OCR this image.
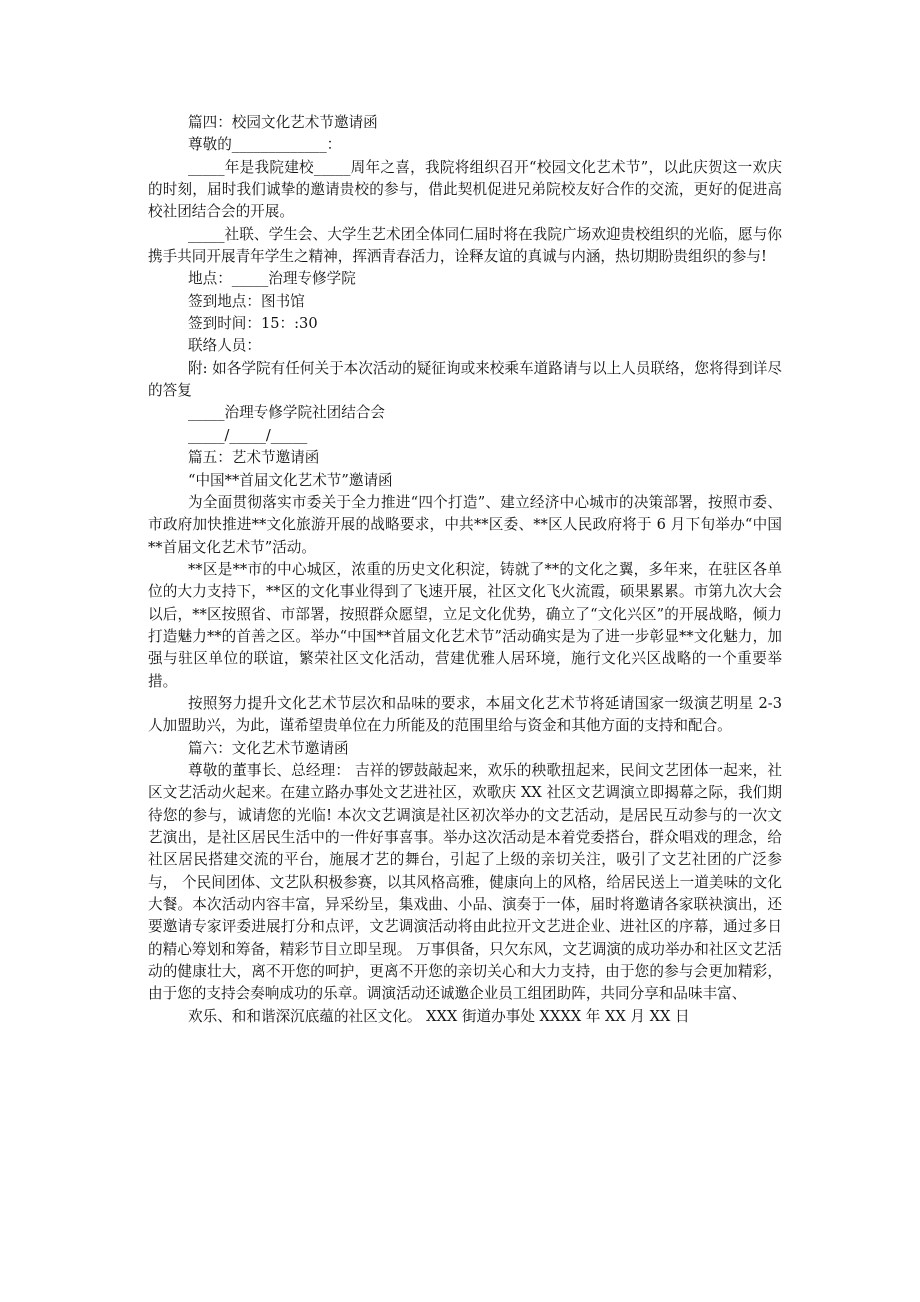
篇四：校园文化艺术节邀请函

尊敬的_____________：

_____年是我院建校_____周年之喜，我院将组织召开“校园文化艺术节”，以此庆贺这一欢庆的时刻，届时我们诚挚的邀请贵校的参与，借此契机促进兄弟院校友好合作的交流，更好的促进高校社团结合会的开展。

_____社联、学生会、大学生艺术团全体同仁届时将在我院广场欢迎贵校组织的光临，愿与你携手共同开展青年学生之精神，挥洒青春活力，诠释友谊的真诚与内涵，热切期盼贵组织的参与!

地点：_____治理专修学院

签到地点：图书馆

签到时间：15：:30

联络人员：

附: 如各学院有任何关于本次活动的疑征询或来校乘车道路请与以上人员联络，您将得到详尽的答复

_____治理专修学院社团结合会

_____/_____/_____

篇五：艺术节邀请函

“中国**首届文化艺术节”邀请函

为全面贯彻落实市委关于全力推进“四个打造”、建立经济中心城市的决策部署，按照市委、市政府加快推进**文化旅游开展的战略要求，中共**区委、**区人民政府将于 6 月下旬举办“中国**首届文化艺术节”活动。

**区是**市的中心城区，浓重的历史文化积淀，铸就了**的文化之翼，多年来，在驻区各单位的大力支持下，**区的文化事业得到了飞速开展，社区文化飞火流霞，硕果累累。市第九次大会以后，**区按照省、市部署，按照群众愿望，立足文化优势，确立了“文化兴区”的开展战略，倾力打造魅力**的首善之区。举办“中国**首届文化艺术节”活动确实是为了进一步彰显**文化魅力，加强与驻区单位的联谊，繁荣社区文化活动，营建优雅人居环境，施行文化兴区战略的一个重要举措。

按照努力提升文化艺术节层次和品味的要求，本届文化艺术节将延请国家一级演艺明星 2-3 人加盟助兴，为此，谨希望贵单位在力所能及的范围里给与资金和其他方面的支持和配合。

篇六：文化艺术节邀请函

尊敬的董事长、总经理： 吉祥的锣鼓敲起来，欢乐的秧歌扭起来，民间文艺团体一起来，社区文艺活动火起来。在建立路办事处文艺进社区，欢歌庆 XX 社区文艺调演立即揭幕之际，我们期待您的参与，诚请您的光临! 本次文艺调演是社区初次举办的文艺活动，是居民互动参与的一次文艺演出，是社区居民生活中的一件好事喜事。举办这次活动是本着党委搭台，群众唱戏的理念，给社区居民搭建交流的平台，施展才艺的舞台，引起了上级的亲切关注，吸引了文艺社团的广泛参与， 个民间团体、文艺队积极参赛，以其风格高雅，健康向上的风格，给居民送上一道美味的文化大餐。本次活动内容丰富，异采纷呈，集戏曲、小品、演奏于一体，届时将邀请各家联袂演出，还要邀请专家评委进展打分和点评，文艺调演活动将由此拉开文艺进企业、进社区的序幕，通过多日的精心筹划和筹备，精彩节目立即呈现。 万事俱备，只欠东风，文艺调演的成功举办和社区文艺活动的健康壮大，离不开您的呵护，更离不开您的亲切关心和大力支持，由于您的参与会更加精彩，由于您的支持会奏响成功的乐章。调演活动还诚邀企业员工组团助阵，共同分享和品味丰富、

欢乐、和和谐深沉底蕴的社区文化。 XXX 街道办事处 XXXX 年 XX 月 XX 日
